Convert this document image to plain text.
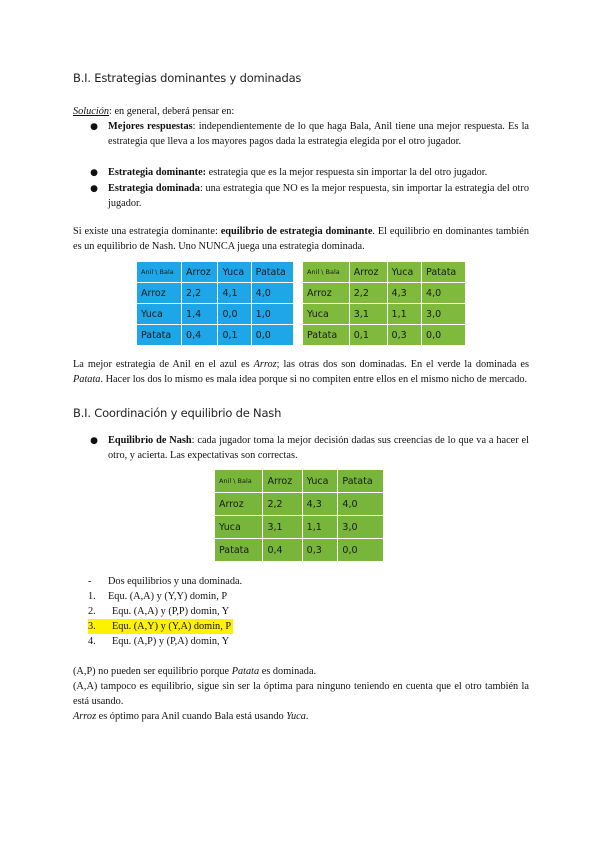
B.I. Estrategias dominantes y dominadas
Solución: en general, deberá pensar en:
● Mejores respuestas: independientemente de lo que haga Bala, Anil tiene una mejor respuesta. Es la estrategia que lleva a los mayores pagos dada la estrategia elegida por el otro jugador.
● Estrategia dominante: estrategia que es la mejor respuesta sin importar la del otro jugador.
● Estrategia dominada: una estrategia que NO es la mejor respuesta, sin importar la estrategia del otro jugador.
Si existe una estrategia dominante: equilibrio de estrategia dominante. El equilibrio en dominantes también es un equilibrio de Nash. Uno NUNCA juega una estrategia dominada.
Anil \ Bala	Arroz	Yuca	Patata
Arroz	2,2	4,1	4,0
Yuca	1,4	0,0	1,0
Patata	0,4	0,1	0,0
Anil \ Bala	Arroz	Yuca	Patata
Arroz	2,2	4,3	4,0
Yuca	3,1	1,1	3,0
Patata	0,1	0,3	0,0
La mejor estrategia de Anil en el azul es Arroz; las otras dos son dominadas. En el verde la dominada es Patata. Hacer los dos lo mismo es mala idea porque si no compiten entre ellos en el mismo nicho de mercado.
B.I. Coordinación y equilibrio de Nash
● Equilibrio de Nash: cada jugador toma la mejor decisión dadas sus creencias de lo que va a hacer el otro, y acierta. Las expectativas son correctas.
Anil \ Bala	Arroz	Yuca	Patata
Arroz	2,2	4,3	4,0
Yuca	3,1	1,1	3,0
Patata	0,4	0,3	0,0
-	Dos equilibrios y una dominada.
1.	Equ. (A,A) y (Y,Y) domin, P
2.	Equ. (A,A) y (P,P) domin, Y
3.	Equ. (A,Y) y (Y,A) domin, P
4.	Equ. (A,P) y (P,A) domin, Y
(A,P) no pueden ser equilibrio porque Patata es dominada.
(A,A) tampoco es equilibrio, sigue sin ser la óptima para ninguno teniendo en cuenta que el otro también la está usando.
Arroz es óptimo para Anil cuando Bala está usando Yuca.
